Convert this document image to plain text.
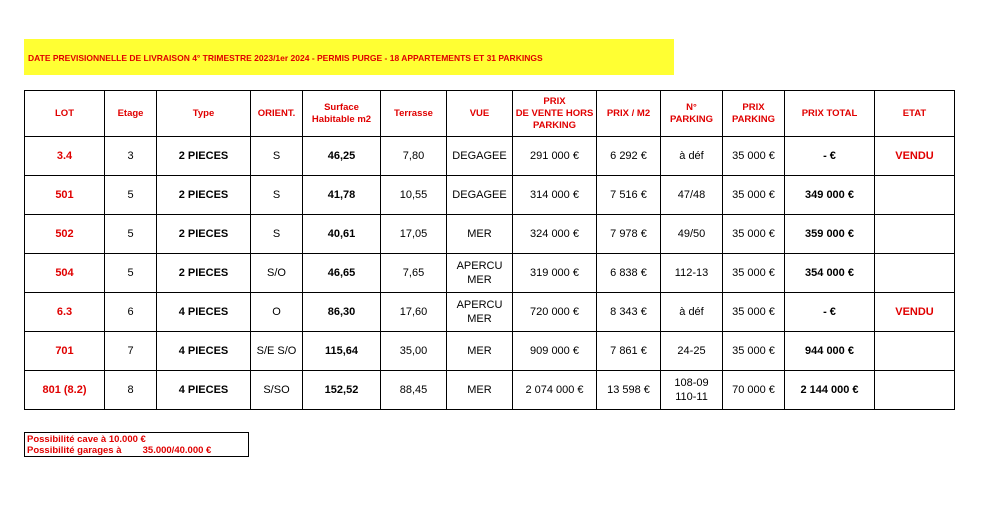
DATE PREVISIONNELLE DE LIVRAISON 4° TRIMESTRE 2023/1er 2024 - PERMIS PURGE - 18 APPARTEMENTS ET 31 PARKINGS
LOT	Etage	Type	ORIENT.	Surface
Habitable m2	Terrasse	VUE	PRIX
DE VENTE HORS
PARKING	PRIX / M2	N°
PARKING	PRIX
PARKING	PRIX TOTAL	ETAT
3.4	3	2 PIECES	S	46,25	7,80	DEGAGEE	291 000 €	6 292 €	à déf	35 000 €	- €	VENDU
501	5	2 PIECES	S	41,78	10,55	DEGAGEE	314 000 €	7 516 €	47/48	35 000 €	349 000 €	
502	5	2 PIECES	S	40,61	17,05	MER	324 000 €	7 978 €	49/50	35 000 €	359 000 €	
504	5	2 PIECES	S/O	46,65	7,65	APERCU
MER	319 000 €	6 838 €	112-13	35 000 €	354 000 €	
6.3	6	4 PIECES	O	86,30	17,60	APERCU
MER	720 000 €	8 343 €	à déf	35 000 €	- €	VENDU
701	7	4 PIECES	S/E S/O	115,64	35,00	MER	909 000 €	7 861 €	24-25	35 000 €	944 000 €	
801 (8.2)	8	4 PIECES	S/SO	152,52	88,45	MER	2 074 000 €	13 598 €	108-09
110-11	70 000 €	2 144 000 €	
Possibilité cave à 10.000 €
Possibilité garages à        35.000/40.000 €
